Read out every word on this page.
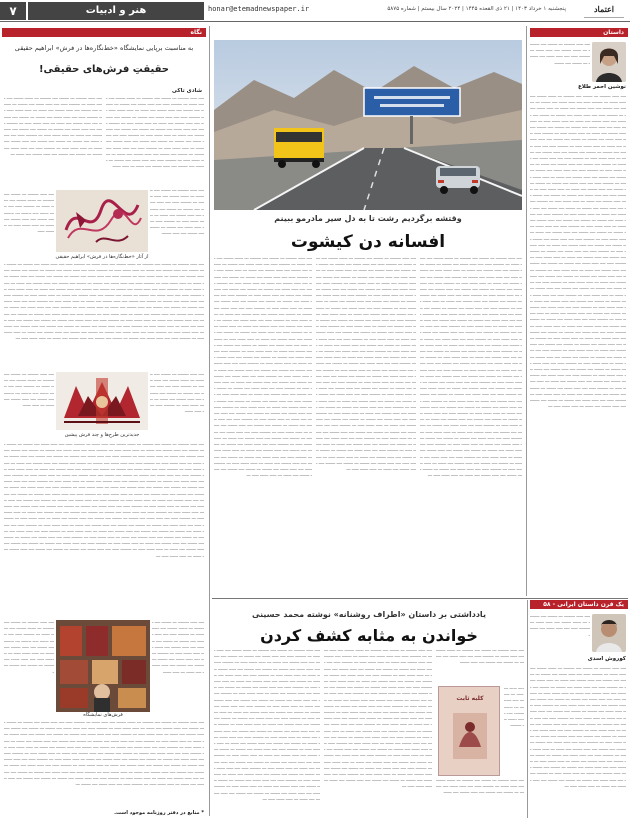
۷	هنر و ادبیات	honar@etemadnewspaper.ir	پنجشنبه ۱ خرداد ۱۴۰۳ | ۲۱ ذی القعده ۱۴۴۵ | ۲۰۲۴ سال بیستم | شماره ۵۸۷۵	اعتماد
نگاه
به مناسبت برپایی نمایشگاه «خط‌نگاره‌ها در فرش» ابراهیم حقیقی
حقیقتِ فرش‌های حقیقی!
شادی تاکی
ــــ ـــــ ــــــــ ـــ ـــــــ ــــ ــــــــ ـــ ــــــ ـــــــ ــــ ـــــ ــــــ ـــ ــــــــ ـــــ ــــ ـــــ ــــــ ــــ ـــــــ ـــ ـــــــ ــــ ـــــــ ــــ ـــــ ـــــــ ــــ ــــــ ـــ ـــــ ــــــ ـــــ ـــ ــــــــ ـــــ ــــ ـــــ ــــــ ــــ ـــــــ ـــ ـــــــ ــــ ـــــــ ــــ ـــــ ـــــــ ــــ ــــــ ـــ ـــــ ــــــ ـــــ ـــ ــــــــ ـــــ ــــ ـــــ ــــــ ــــ ـــــــ ـــ ـــــــ ــــ ـــــــ ــــ ـــــ ـــــــ ــــ ــــــ ـــ ـــــ ــــــ ـــــ ـــ ــــــــ ـــــ ــــ ـــــ ــــــ ــــ ـــــــ ـــ ـــــــ ــــ ـــــــ ــــ ـــــ ـــــــ ــــ ــــــ ـــ ـــــ ــــــ ـــــ ـــ ــــــــ ـــــ ــــ ـــــ ــــــ ــــ ـــــــ ـــ ـــــــ ــــ ـــــــ ــــ ـــــ ـــــــ ــــ ــــــ ـــ ـــــ ــــــ ـــــ ـــ ــــــــ ـــــ ــــ ـــــ ــــــ ــــ ـــــــ ـــ ـــــــ ــــ ـــــــ ــــ ـــــ ـــــــ ــــ ــــــ ـــ ـــــ ــــــ
ــــ ـــــ ــــــــ ـــ ـــــــ ــــ ــــــــ ـــ ــــــ ـــــــ ــــ ـــــ ــــــ ـــ ــــــــ ـــــ ــــ ـــــ ــــــ ــــ ـــــــ ـــ ـــــــ ــــ ـــــــ ــــ ـــــ ـــــــ ــــ ــــــ ـــ ـــــ ــــــ ـــــ ـــ ــــــــ ـــــ ــــ ـــــ ــــــ ــــ ـــــــ ـــ ـــــــ ــــ ـــــــ ــــ ـــــ ـــــــ ــــ ــــــ ـــ ـــــ ــــــ ـــــ ـــ ــــــــ ـــــ ــــ ـــــ ــــــ ــــ ـــــــ ـــ ـــــــ ــــ ـــــــ ــــ ـــــ ـــــــ ــــ ــــــ ـــ ـــــ ــــــ ـــــ ـــ ــــــــ ـــــ ــــ ـــــ ــــــ ــــ ـــــــ ـــ ـــــــ ــــ ـــــــ ــــ ـــــ ـــــــ ــــ ــــــ ـــ ـــــ ــــــ ـــــ ـــ ــــــــ ـــــ ــــ ـــــ ــــــ ــــ ـــــــ ـــ ـــــــ ــــ ـــــــ ــــ ـــــ ـــــــ ــــ ــــــ ـــ
از آثار «خط‌نگاره‌ها در فرش» ابراهیم حقیقی
ــــ ـــــ ــــــــ ـــ ـــــــ ــــ ــــــــ ـــ ــــــ ـــــــ ــــ ـــــ ــــــ ـــ ــــــــ ـــــ ــــ ـــــ ــــــ ــــ ـــــــ ـــ ـــــــ ــــ ـــــــ ــــ ـــــ ـــــــ ــــ ــــــ ـــ ـــــ ــــــ ـــــ ـــ ــــــــ ـــــ ــــ ـــــ ــــــ ــــ ـــــــ ـــ ـــــــ ــــ ـــــــ ــــ ـــــ ـــــــ
ــــ ـــــ ــــــــ ـــ ـــــــ ــــ ــــــــ ـــ ــــــ ـــــــ ــــ ـــــ ــــــ ـــ ــــــــ ـــــ ــــ ـــــ ــــــ ــــ ـــــــ ـــ ـــــــ ــــ ـــــــ ــــ ـــــ ـــــــ ــــ ــــــ ـــ ـــــ ــــــ ـــــ ـــ ــــــــ ـــــ
ــــ ـــــ ــــــــ ـــ ـــــــ ــــ ــــــــ ـــ ــــــ ـــــــ ــــ ـــــ ــــــ ـــ ــــــــ ـــــ ــــ ـــــ ــــــ ــــ ـــــــ ـــ ـــــــ ــــ ـــــــ ــــ ـــــ ـــــــ ــــ ــــــ ـــ ـــــ ــــــ ـــــ ـــ ــــــــ ـــــ ــــ ـــــ ــــــ ــــ ـــــــ ـــ ـــــــ ــــ ـــــــ ــــ ـــــ ـــــــ ــــ ــــــ ـــ ـــــ ــــــ ـــــ ـــ ــــــــ ـــــ ــــ ـــــ ــــــ ــــ ـــــــ ـــ ـــــــ ــــ ـــــــ ــــ ـــــ ـــــــ ــــ ــــــ ـــ ـــــ ــــــ ـــــ ـــ ــــــــ ـــــ ــــ ـــــ ــــــ ــــ ـــــــ ـــ ـــــــ ــــ ـــــــ ــــ ـــــ ـــــــ ــــ ــــــ ـــ ـــــ ــــــ ـــــ ـــ ــــــــ ـــــ ــــ ـــــ ــــــ ــــ ـــــــ ـــ ـــــــ ــــ ـــــــ ــــ ـــــ ـــــــ ــــ ــــــ ـــ ـــــ ــــــ ـــــ ـــ ــــــــ ـــــ ــــ ـــــ ــــــ ــــ ـــــــ ـــ ـــــــ ــــ ـــــــ ــــ ـــــ ـــــــ ــــ ــــــ ـــ ـــــ ــــــ ـــــ ـــ ــــــــ ـــــ ــــ ـــــ ــــــ ــــ ـــــــ ـــ ـــــــ ــــ ـــــــ ــــ ـــــ ـــــــ ــــ ــــــ ـــ ـــــ ــــــ ـــــ ـــ ــــــــ ـــــ ــــ ـــــ ــــــ ــــ ـــــــ ـــ ـــــــ ــــ ـــــــ ــــ ـــــ ـــــــ ــــ ــــــ ـــ ـــــ ــــــ ـــــ ـــ ــــــــ ـــــ ــــ ـــــ ــــــ ــــ ـــــــ ـــ ـــــــ ــــ ـــــــ ــــ ـــــ ـــــــ ــــ ــــــ ـــ ـــــ ــــــ ـــــ ـــ ــــــــ ـــــ ــــ ـــــ ــــــ ــــ ـــــــ ـــ ـــــــ ــــ ـــــــ ــــ ـــــ ـــــــ ــــ ــــــ ـــ ـــــ ــــــ ـــــ ـــ ــــــــ ـــــ ــــ ـــــ ــــــ ــــ ـــــــ ـــ ـــــــ ــــ ـــــــ ــــ ـــــ ـــــــ ــــ ــــــ ـــ ـــــ ــــــ ـــــ ـــ ــــــــ ـــــ ــــ ـــــ ــــــ ــــ ـــــــ ـــ ـــــــ ــــ ـــــــ ــــ ـــــ ـــــــ ــــ ــــــ ـــ ـــــ ــــــ ـــــ ـــ ــــــــ ـــــ ــــ ـــــ ــــــ ــــ ـــــــ ـــ ـــــــ ــــ ـــــــ ــــ ـــــ ـــــــ ــــ ــــــ ـــ ـــــ ــــــ ـــــ ـــ ــــــــ ـــــ ــــ ـــــ ــــــ ــــ ـــــــ ـــ ـــــــ ــــ ـــــــ ــــ ـــــ ـــــــ ــــ ــــــ ـــ ـــــ ــــــ ـــــ ـــ
جدیدترین طرح‌ها و چند فرش پیشین
ــــ ـــــ ــــــــ ـــ ـــــــ ــــ ــــــــ ـــ ــــــ ـــــــ ــــ ـــــ ــــــ ـــ ــــــــ ـــــ ــــ ـــــ ــــــ ــــ ـــــــ ـــ ـــــــ ــــ ـــــــ ــــ ـــــ ـــــــ ــــ ــــــ ـــ ـــــ ــــــ ـــــ ـــ ــــــــ ـــــ ــــ ـــــ ــــــ
ــــ ـــــ ــــــــ ـــ ـــــــ ــــ ــــــــ ـــ ــــــ ـــــــ ــــ ـــــ ــــــ ـــ ــــــــ ـــــ ــــ ـــــ ــــــ ــــ ـــــــ ـــ ـــــــ ــــ ـــــــ ــــ ـــــ ـــــــ ــــ ــــــ ـــ ـــــ ــــــ
ــــ ـــــ ــــــــ ـــ ـــــــ ــــ ــــــــ ـــ ــــــ ـــــــ ــــ ـــــ ــــــ ـــ ــــــــ ـــــ ــــ ـــــ ــــــ ــــ ـــــــ ـــ ـــــــ ــــ ـــــــ ــــ ـــــ ـــــــ ــــ ــــــ ـــ ـــــ ــــــ ـــــ ـــ ــــــــ ـــــ ــــ ـــــ ــــــ ــــ ـــــــ ـــ ـــــــ ــــ ـــــــ ــــ ـــــ ـــــــ ــــ ــــــ ـــ ـــــ ــــــ ـــــ ـــ ــــــــ ـــــ ــــ ـــــ ــــــ ــــ ـــــــ ـــ ـــــــ ــــ ـــــــ ــــ ـــــ ـــــــ ــــ ــــــ ـــ ـــــ ــــــ ـــــ ـــ ــــــــ ـــــ ــــ ـــــ ــــــ ــــ ـــــــ ـــ ـــــــ ــــ ـــــــ ــــ ـــــ ـــــــ ــــ ــــــ ـــ ـــــ ــــــ ـــــ ـــ ــــــــ ـــــ ــــ ـــــ ــــــ ــــ ـــــــ ـــ ـــــــ ــــ ـــــــ ــــ ـــــ ـــــــ ــــ ــــــ ـــ ـــــ ــــــ ـــــ ـــ ــــــــ ـــــ ــــ ـــــ ــــــ ــــ ـــــــ ـــ ـــــــ ــــ ـــــــ ــــ ـــــ ـــــــ ــــ ــــــ ـــ ـــــ ــــــ ـــــ ـــ ــــــــ ـــــ ــــ ـــــ ــــــ ــــ ـــــــ ـــ ـــــــ ــــ ـــــــ ــــ ـــــ ـــــــ ــــ ــــــ ـــ ـــــ ــــــ ـــــ ـــ ــــــــ ـــــ ــــ ـــــ ــــــ ــــ ـــــــ ـــ ـــــــ ــــ ـــــــ ــــ ـــــ ـــــــ ــــ ــــــ ـــ ـــــ ــــــ ـــــ ـــ ــــــــ ـــــ ــــ ـــــ ــــــ ــــ ـــــــ ـــ ـــــــ ــــ ـــــــ ــــ ـــــ ـــــــ ــــ ــــــ ـــ ـــــ ــــــ ـــــ ـــ ــــــــ ـــــ ــــ ـــــ ــــــ ــــ ـــــــ ـــ ـــــــ ــــ ـــــــ ــــ ـــــ ـــــــ ــــ ــــــ ـــ ـــــ ــــــ ـــــ ـــ ــــــــ ـــــ ــــ ـــــ ــــــ ــــ ـــــــ ـــ ـــــــ ــــ ـــــــ ــــ ـــــ ـــــــ ــــ ــــــ ـــ ـــــ ــــــ ـــــ ـــ ــــــــ ـــــ ــــ ـــــ ــــــ ــــ ـــــــ ـــ ـــــــ ــــ ـــــــ ــــ ـــــ ـــــــ ــــ ــــــ ـــ ـــــ ــــــ ـــــ ـــ ــــــــ ـــــ ــــ ـــــ ــــــ ــــ ـــــــ ـــ ـــــــ ــــ ـــــــ ــــ ـــــ ـــــــ ــــ ــــــ ـــ ـــــ ــــــ ـــــ ـــ ــــــــ ـــــ ــــ ـــــ ــــــ ــــ ـــــــ ـــ ـــــــ ــــ ـــــــ ــــ ـــــ ـــــــ ــــ ــــــ ـــ ـــــ ــــــ ـــــ ـــ ــــــــ ـــــ ــــ ـــــ ــــــ ــــ ـــــــ ـــ ـــــــ ــــ ـــــــ ــــ ـــــ ـــــــ ــــ ــــــ ـــ ـــــ ــــــ ـــــ ـــ ــــــــ ـــــ ــــ ـــــ ــــــ ــــ ـــــــ ـــ ـــــــ ــــ ـــــــ ــــ ـــــ ـــــــ ــــ ــــــ ـــ ـــــ ــــــ ـــــ ـــ ــــــــ ـــــ ــــ ـــــ ــــــ ــــ ـــــــ ـــ ـــــــ ــــ ـــــــ ــــ ـــــ ـــــــ ــــ ــــــ ـــ ـــــ ــــــ ـــــ ـــ ــــــــ ـــــ ــــ ـــــ ــــــ ــــ ـــــــ ـــ ـــــــ ــــ ـــــــ ــــ ـــــ ـــــــ ــــ ــــــ ـــ ـــــ ــــــ ـــــ ـــ ــــــــ ـــــ ــــ ـــــ ــــــ ــــ ـــــــ ـــ ـــــــ ــــ ـــــــ ــــ ـــــ ـــــــ ــــ ــــــ ـــ ـــــ ــــــ ـــــ ـــ ــــــــ ـــــ ــــ ـــــ ــــــ ــــ ـــــــ ـــ ـــــــ ــــ ـــــــ ــــ ـــــ ـــــــ ــــ ــــــ ـــ ـــــ ــــــ ـــــ ـــ
فرش‌های نمایشگاه
ــــ ـــــ ــــــــ ـــ ـــــــ ــــ ــــــــ ـــ ــــــ ـــــــ ــــ ـــــ ــــــ ـــ ــــــــ ـــــ ــــ ـــــ ــــــ ــــ ـــــــ ـــ ـــــــ ــــ ـــــــ ــــ ـــــ ـــــــ ــــ ــــــ ـــ ـــــ ــــــ ـــــ ـــ ــــــــ ـــــ ــــ ـــــ ــــــ ــــ ـــــــ ـــ ـــــــ ــــ ـــــــ ــــ ـــــ ـــــــ ــــ ــــــ ـــ ـــــ ــــــ
ــــ ـــــ ــــــــ ـــ ـــــــ ــــ ــــــــ ـــ ــــــ ـــــــ ــــ ـــــ ــــــ ـــ ــــــــ ـــــ ــــ ـــــ ــــــ ــــ ـــــــ ـــ ـــــــ ــــ ـــــــ ــــ ـــــ ـــــــ ــــ ــــــ ـــ ـــــ ــــــ ـــــ ـــ ــــــــ ـــــ ــــ ـــــ ــــــ ــــ ـــــــ ـــ ـــــــ ــــ ـــــــ ــــ
ــــ ـــــ ــــــــ ـــ ـــــــ ــــ ــــــــ ـــ ــــــ ـــــــ ــــ ـــــ ــــــ ـــ ــــــــ ـــــ ــــ ـــــ ــــــ ــــ ـــــــ ـــ ـــــــ ــــ ـــــــ ــــ ـــــ ـــــــ ــــ ــــــ ـــ ـــــ ــــــ ـــــ ـــ ــــــــ ـــــ ــــ ـــــ ــــــ ــــ ـــــــ ـــ ـــــــ ــــ ـــــــ ــــ ـــــ ـــــــ ــــ ــــــ ـــ ـــــ ــــــ ـــــ ـــ ــــــــ ـــــ ــــ ـــــ ــــــ ــــ ـــــــ ـــ ـــــــ ــــ ـــــــ ــــ ـــــ ـــــــ ــــ ــــــ ـــ ـــــ ــــــ ـــــ ـــ ــــــــ ـــــ ــــ ـــــ ــــــ ــــ ـــــــ ـــ ـــــــ ــــ ـــــــ ــــ ـــــ ـــــــ ــــ ــــــ ـــ ـــــ ــــــ ـــــ ـــ ــــــــ ـــــ ــــ ـــــ ــــــ ــــ ـــــــ ـــ ـــــــ ــــ ـــــــ ــــ ـــــ ـــــــ ــــ ــــــ ـــ ـــــ ــــــ ـــــ ـــ ــــــــ ـــــ ــــ ـــــ ــــــ ــــ ـــــــ ـــ ـــــــ ــــ ـــــــ ــــ ـــــ ـــــــ ــــ ــــــ ـــ ـــــ ــــــ ـــــ ـــ ــــــــ ـــــ ــــ ـــــ ــــــ ــــ ـــــــ ـــ ـــــــ ــــ ـــــــ ــــ ـــــ ـــــــ ــــ ــــــ ـــ ـــــ ــــــ ـــــ ـــ ــــــــ ـــــ ــــ ـــــ ــــــ ــــ ـــــــ ـــ ـــــــ ــــ ـــــــ ــــ ـــــ ـــــــ ــــ ــــــ ـــ ـــــ ــــــ ـــــ ـــ ــــــــ ـــــ ــــ ـــــ ــــــ ــــ ـــــــ ـــ ـــــــ ــــ ـــــــ ــــ ـــــ ـــــــ ــــ ــــــ ـــ ـــــ ــــــ ـــــ ـــ ــــــــ ـــــ ــــ ـــــ ــــــ ــــ ـــــــ ـــ ـــــــ ــــ ـــــــ ــــ ـــــ ـــــــ ــــ ــــــ ـــ ـــــ ــــــ ـــــ ـــ ــــــــ ـــــ ــــ ـــــ ــــــ ــــ ـــــــ ـــ ـــــــ ــــ ـــــــ ــــ ـــــ ـــــــ ــــ ــــــ ـــ ـــــ ــــــ ـــــ ـــ ــــــــ ـــــ ــــ ـــــ ــــــ ــــ ـــــــ ـــ
* منابع در دفتر روزنامه موجود است.
وقتشه برگردیم رشت تا به دل سیر مادرمو ببینم
افسانه دن کیشوت
ــــ ـــــ ــــــــ ـــ ـــــــ ــــ ــــــــ ـــ ــــــ ـــــــ ــــ ـــــ ــــــ ـــ ــــــــ ـــــ ــــ ـــــ ــــــ ــــ ـــــــ ـــ ـــــــ ــــ ـــــــ ــــ ـــــ ـــــــ ــــ ــــــ ـــ ـــــ ــــــ ـــــ ـــ ــــــــ ـــــ ــــ ـــــ ــــــ ــــ ـــــــ ـــ ـــــــ ــــ ـــــــ ــــ ـــــ ـــــــ ــــ ــــــ ـــ ـــــ ــــــ ـــــ ـــ ــــــــ ـــــ ــــ ـــــ ــــــ ــــ ـــــــ ـــ ـــــــ ــــ ـــــــ ــــ ـــــ ـــــــ ــــ ــــــ ـــ ـــــ ــــــ ـــــ ـــ ــــــــ ـــــ ــــ ـــــ ــــــ ــــ ـــــــ ـــ ـــــــ ــــ ـــــــ ــــ ـــــ ـــــــ ــــ ــــــ ـــ ـــــ ــــــ ـــــ ـــ ــــــــ ـــــ ــــ ـــــ ــــــ ــــ ـــــــ ـــ ـــــــ ــــ ـــــــ ــــ ـــــ ـــــــ ــــ ــــــ ـــ ـــــ ــــــ ـــــ ـــ ــــــــ ـــــ ــــ ـــــ ــــــ ــــ ـــــــ ـــ ـــــــ ــــ ـــــــ ــــ ـــــ ـــــــ ــــ ــــــ ـــ ـــــ ــــــ ـــــ ـــ ــــــــ ـــــ ــــ ـــــ ــــــ ــــ ـــــــ ـــ ـــــــ ــــ ـــــــ ــــ ـــــ ـــــــ ــــ ــــــ ـــ ـــــ ــــــ ـــــ ـــ ــــــــ ـــــ ــــ ـــــ ــــــ ــــ ـــــــ ـــ ـــــــ ــــ ـــــــ ــــ ـــــ ـــــــ ــــ ــــــ ـــ ـــــ ــــــ ـــــ ـــ ــــــــ ـــــ ــــ ـــــ ــــــ ــــ ـــــــ ـــ ـــــــ ــــ ـــــــ ــــ ـــــ ـــــــ ــــ ــــــ ـــ ـــــ ــــــ ـــــ ـــ ــــــــ ـــــ ــــ ـــــ ــــــ ــــ ـــــــ ـــ ـــــــ ــــ ـــــــ ــــ ـــــ ـــــــ ــــ ــــــ ـــ ـــــ ــــــ ـــــ ـــ ــــــــ ـــــ ــــ ـــــ ــــــ ــــ ـــــــ ـــ ـــــــ ــــ ـــــــ ــــ ـــــ ـــــــ ــــ ــــــ ـــ ـــــ ــــــ ـــــ ـــ ــــــــ ـــــ ــــ ـــــ ــــــ ــــ ـــــــ ـــ ـــــــ ــــ ـــــــ ــــ ـــــ ـــــــ ــــ ــــــ ـــ ـــــ ــــــ ـــــ ـــ ــــــــ ـــــ ــــ ـــــ ــــــ ــــ ـــــــ ـــ ـــــــ ــــ ـــــــ ــــ ـــــ ـــــــ ــــ ــــــ ـــ ـــــ ــــــ ـــــ ـــ ــــــــ ـــــ ــــ ـــــ ــــــ ــــ ـــــــ ـــ ـــــــ ــــ ـــــــ ــــ ـــــ ـــــــ ــــ ــــــ ـــ ـــــ ــــــ ـــــ ـــ ــــــــ ـــــ ــــ ـــــ ــــــ ــــ ـــــــ ـــ ـــــــ ــــ ـــــــ ــــ ـــــ ـــــــ ــــ ــــــ ـــ ـــــ ــــــ ـــــ ـــ ــــــــ ـــــ ــــ ـــــ ــــــ ــــ ـــــــ ـــ ـــــــ ــــ ـــــــ ــــ ـــــ ـــــــ ــــ ــــــ ـــ ـــــ ــــــ ـــــ ـــ ــــــــ ـــــ ــــ ـــــ ــــــ ــــ ـــــــ ـــ ـــــــ ــــ ـــــــ ــــ ـــــ ـــــــ ــــ ــــــ ـــ ـــــ ــــــ ـــــ ـــ ــــــــ ـــــ ــــ ـــــ ــــــ ــــ ـــــــ ـــ ـــــــ ــــ ـــــــ ــــ ـــــ ـــــــ ــــ ــــــ ـــ ـــــ ــــــ ـــــ ـــ ــــــــ ـــــ ــــ ـــــ ــــــ ــــ ـــــــ ـــ ـــــــ ــــ ـــــــ ــــ ـــــ ـــــــ ــــ ــــــ ـــ ـــــ ــــــ ـــــ ـــ ــــــــ ـــــ ــــ ـــــ ــــــ ــــ ـــــــ ـــ ـــــــ ــــ ـــــــ ــــ ـــــ ـــــــ ــــ ــــــ ـــ ـــــ ــــــ ـــــ ـــ
ــــ ـــــ ــــــــ ـــ ـــــــ ــــ ــــــــ ـــ ــــــ ـــــــ ــــ ـــــ ــــــ ـــ ــــــــ ـــــ ــــ ـــــ ــــــ ــــ ـــــــ ـــ ـــــــ ــــ ـــــــ ــــ ـــــ ـــــــ ــــ ــــــ ـــ ـــــ ــــــ ـــــ ـــ ــــــــ ـــــ ــــ ـــــ ــــــ ــــ ـــــــ ـــ ـــــــ ــــ ـــــــ ــــ ـــــ ـــــــ ــــ ــــــ ـــ ـــــ ــــــ ـــــ ـــ ــــــــ ـــــ ــــ ـــــ ــــــ ــــ ـــــــ ـــ ـــــــ ــــ ـــــــ ــــ ـــــ ـــــــ ــــ ــــــ ـــ ـــــ ــــــ ـــــ ـــ ــــــــ ـــــ ــــ ـــــ ــــــ ــــ ـــــــ ـــ ـــــــ ــــ ـــــــ ــــ ـــــ ـــــــ ــــ ــــــ ـــ ـــــ ــــــ ـــــ ـــ ــــــــ ـــــ ــــ ـــــ ــــــ ــــ ـــــــ ـــ ـــــــ ــــ ـــــــ ــــ ـــــ ـــــــ ــــ ــــــ ـــ ـــــ ــــــ ـــــ ـــ ــــــــ ـــــ ــــ ـــــ ــــــ ــــ ـــــــ ـــ ـــــــ ــــ ـــــــ ــــ ـــــ ـــــــ ــــ ــــــ ـــ ـــــ ــــــ ـــــ ـــ ــــــــ ـــــ ــــ ـــــ ــــــ ــــ ـــــــ ـــ ـــــــ ــــ ـــــــ ــــ ـــــ ـــــــ ــــ ــــــ ـــ ـــــ ــــــ ـــــ ـــ ــــــــ ـــــ ــــ ـــــ ــــــ ــــ ـــــــ ـــ ـــــــ ــــ ـــــــ ــــ ـــــ ـــــــ ــــ ــــــ ـــ ـــــ ــــــ ـــــ ـــ ــــــــ ـــــ ــــ ـــــ ــــــ ــــ ـــــــ ـــ ـــــــ ــــ ـــــــ ــــ ـــــ ـــــــ ــــ ــــــ ـــ ـــــ ــــــ ـــــ ـــ ــــــــ ـــــ ــــ ـــــ ــــــ ــــ ـــــــ ـــ ـــــــ ــــ ـــــــ ــــ ـــــ ـــــــ ــــ ــــــ ـــ ـــــ ــــــ ـــــ ـــ ــــــــ ـــــ ــــ ـــــ ــــــ ــــ ـــــــ ـــ ـــــــ ــــ ـــــــ ــــ ـــــ ـــــــ ــــ ــــــ ـــ ـــــ ــــــ ـــــ ـــ ــــــــ ـــــ ــــ ـــــ ــــــ ــــ ـــــــ ـــ ـــــــ ــــ ـــــــ ــــ ـــــ ـــــــ ــــ ــــــ ـــ ـــــ ــــــ ـــــ ـــ ــــــــ ـــــ ــــ ـــــ ــــــ ــــ ـــــــ ـــ ـــــــ ــــ ـــــــ ــــ ـــــ ـــــــ ــــ ــــــ ـــ ـــــ ــــــ ـــــ ـــ ــــــــ ـــــ ــــ ـــــ ــــــ ــــ ـــــــ ـــ ـــــــ ــــ ـــــــ ــــ ـــــ ـــــــ ــــ ــــــ ـــ ـــــ ــــــ ـــــ ـــ ــــــــ ـــــ ــــ ـــــ ــــــ ــــ ـــــــ ـــ ـــــــ ــــ ـــــــ ــــ ـــــ ـــــــ ــــ ــــــ ـــ ـــــ ــــــ ـــــ ـــ ــــــــ ـــــ ــــ ـــــ ــــــ ــــ ـــــــ ـــ ـــــــ ــــ ـــــــ ــــ ـــــ ـــــــ ــــ ــــــ ـــ ـــــ ــــــ ـــــ ـــ ــــــــ ـــــ ــــ ـــــ ــــــ ــــ ـــــــ ـــ ـــــــ ــــ ـــــــ ــــ ـــــ ـــــــ ــــ ــــــ ـــ ـــــ ــــــ ـــــ ـــ ــــــــ ـــــ ــــ ـــــ ــــــ ــــ ـــــــ ـــ ـــــــ ــــ ـــــــ ــــ ـــــ ـــــــ ــــ ــــــ ـــ ـــــ ــــــ ـــــ ـــ ــــــــ ـــــ ــــ ـــــ ــــــ ــــ ـــــــ ـــ ـــــــ ــــ ـــــــ ــــ ـــــ ـــــــ ــــ ــــــ ـــ ـــــ ــــــ ـــــ ـــ
ــــ ـــــ ــــــــ ـــ ـــــــ ــــ ــــــــ ـــ ــــــ ـــــــ ــــ ـــــ ــــــ ـــ ــــــــ ـــــ ــــ ـــــ ــــــ ــــ ـــــــ ـــ ـــــــ ــــ ـــــــ ــــ ـــــ ـــــــ ــــ ــــــ ـــ ـــــ ــــــ ـــــ ـــ ــــــــ ـــــ ــــ ـــــ ــــــ ــــ ـــــــ ـــ ـــــــ ــــ ـــــــ ــــ ـــــ ـــــــ ــــ ــــــ ـــ ـــــ ــــــ ـــــ ـــ ــــــــ ـــــ ــــ ـــــ ــــــ ــــ ـــــــ ـــ ـــــــ ــــ ـــــــ ــــ ـــــ ـــــــ ــــ ــــــ ـــ ـــــ ــــــ ـــــ ـــ ــــــــ ـــــ ــــ ـــــ ــــــ ــــ ـــــــ ـــ ـــــــ ــــ ـــــــ ــــ ـــــ ـــــــ ــــ ــــــ ـــ ـــــ ــــــ ـــــ ـــ ــــــــ ـــــ ــــ ـــــ ــــــ ــــ ـــــــ ـــ ـــــــ ــــ ـــــــ ــــ ـــــ ـــــــ ــــ ــــــ ـــ ـــــ ــــــ ـــــ ـــ ــــــــ ـــــ ــــ ـــــ ــــــ ــــ ـــــــ ـــ ـــــــ ــــ ـــــــ ــــ ـــــ ـــــــ ــــ ــــــ ـــ ـــــ ــــــ ـــــ ـــ ــــــــ ـــــ ــــ ـــــ ــــــ ــــ ـــــــ ـــ ـــــــ ــــ ـــــــ ــــ ـــــ ـــــــ ــــ ــــــ ـــ ـــــ ــــــ ـــــ ـــ ــــــــ ـــــ ــــ ـــــ ــــــ ــــ ـــــــ ـــ ـــــــ ــــ ـــــــ ــــ ـــــ ـــــــ ــــ ــــــ ـــ ـــــ ــــــ ـــــ ـــ ــــــــ ـــــ ــــ ـــــ ــــــ ــــ ـــــــ ـــ ـــــــ ــــ ـــــــ ــــ ـــــ ـــــــ ــــ ــــــ ـــ ـــــ ــــــ ـــــ ـــ ــــــــ ـــــ ــــ ـــــ ــــــ ــــ ـــــــ ـــ ـــــــ ــــ ـــــــ ــــ ـــــ ـــــــ ــــ ــــــ ـــ ـــــ ــــــ ـــــ ـــ ــــــــ ـــــ ــــ ـــــ ــــــ ــــ ـــــــ ـــ ـــــــ ــــ ـــــــ ــــ ـــــ ـــــــ ــــ ــــــ ـــ ـــــ ــــــ ـــــ ـــ ــــــــ ـــــ ــــ ـــــ ــــــ ــــ ـــــــ ـــ ـــــــ ــــ ـــــــ ــــ ـــــ ـــــــ ــــ ــــــ ـــ ـــــ ــــــ ـــــ ـــ ــــــــ ـــــ ــــ ـــــ ــــــ ــــ ـــــــ ـــ ـــــــ ــــ ـــــــ ــــ ـــــ ـــــــ ــــ ــــــ ـــ ـــــ ــــــ ـــــ ـــ ــــــــ ـــــ ــــ ـــــ ــــــ ــــ ـــــــ ـــ ـــــــ ــــ ـــــــ ــــ ـــــ ـــــــ ــــ ــــــ ـــ ـــــ ــــــ ـــــ ـــ ــــــــ ـــــ ــــ ـــــ ــــــ ــــ ـــــــ ـــ ـــــــ ــــ ـــــــ ــــ ـــــ ـــــــ ــــ ــــــ ـــ ـــــ ــــــ ـــــ ـــ ــــــــ ـــــ ــــ ـــــ ــــــ ــــ ـــــــ ـــ ـــــــ ــــ ـــــــ ــــ ـــــ ـــــــ ــــ ــــــ ـــ ـــــ ــــــ ـــــ ـــ ــــــــ ـــــ ــــ ـــــ ــــــ ــــ ـــــــ ـــ ـــــــ ــــ ـــــــ ــــ ـــــ ـــــــ ــــ ــــــ ـــ ـــــ ــــــ ـــــ ـــ ــــــــ ـــــ ــــ ـــــ ــــــ ــــ ـــــــ ـــ ـــــــ ــــ ـــــــ ــــ ـــــ ـــــــ ــــ ــــــ ـــ ـــــ ــــــ ـــــ ـــ ــــــــ ـــــ ــــ ـــــ ــــــ ــــ ـــــــ ـــ ـــــــ ــــ ـــــــ ــــ ـــــ ـــــــ ــــ ــــــ ـــ ـــــ ــــــ ـــــ ـــ
داستان
نوشین احمر طلاع
ــــ ـــــ ــــــــ ـــ ـــــــ ــــ ــــــــ ـــ ــــــ ـــــــ ــــ ـــــ ــــــ ـــ ــــــــ ـــــ ــــ ـــــ ــــــ ــــ ـــــــ ـــ ـــــــ ــــ ـــــــ
ــــ ـــــ ــــــــ ـــ ـــــــ ــــ ــــــــ ـــ ــــــ ـــــــ ــــ ـــــ ــــــ ـــ ــــــــ ـــــ ــــ ـــــ ــــــ ــــ ـــــــ ـــ ـــــــ ــــ ـــــــ ــــ ـــــ ـــــــ ــــ ــــــ ـــ ـــــ ــــــ ـــــ ـــ ــــــــ ـــــ ــــ ـــــ ــــــ ــــ ـــــــ ـــ ـــــــ ــــ ـــــــ ــــ ـــــ ـــــــ ــــ ــــــ ـــ ـــــ ــــــ ـــــ ـــ ــــــــ ـــــ ــــ ـــــ ــــــ ــــ ـــــــ ـــ ـــــــ ــــ ـــــــ ــــ ـــــ ـــــــ ــــ ــــــ ـــ ـــــ ــــــ ـــــ ـــ ــــــــ ـــــ ــــ ـــــ ــــــ ــــ ـــــــ ـــ ـــــــ ــــ ـــــــ ــــ ـــــ ـــــــ ــــ ــــــ ـــ ـــــ ــــــ ـــــ ـــ ــــــــ ـــــ ــــ ـــــ ــــــ ــــ ـــــــ ـــ ـــــــ ــــ ـــــــ ــــ ـــــ ـــــــ ــــ ــــــ ـــ ـــــ ــــــ ـــــ ـــ ــــــــ ـــــ ــــ ـــــ ــــــ ــــ ـــــــ ـــ ـــــــ ــــ ـــــــ ــــ ـــــ ـــــــ ــــ ــــــ ـــ ـــــ ــــــ ـــــ ـــ ــــــــ ـــــ ــــ ـــــ ــــــ ــــ ـــــــ ـــ ـــــــ ــــ ـــــــ ــــ ـــــ ـــــــ ــــ ــــــ ـــ ـــــ ــــــ ـــــ ـــ ــــــــ ـــــ ــــ ـــــ ــــــ ــــ ـــــــ ـــ ـــــــ ــــ ـــــــ ــــ ـــــ ـــــــ ــــ ــــــ ـــ ـــــ ــــــ ـــــ ـــ ــــــــ ـــــ ــــ ـــــ ــــــ ــــ ـــــــ ـــ ـــــــ ــــ ـــــــ ــــ ـــــ ـــــــ ــــ ــــــ ـــ ـــــ ــــــ ـــــ ـــ ــــــــ ـــــ ــــ ـــــ ــــــ ــــ ـــــــ ـــ ـــــــ ــــ ـــــــ ــــ ـــــ ـــــــ ــــ ــــــ ـــ ـــــ ــــــ ـــــ ـــ ــــــــ ـــــ ــــ ـــــ ــــــ ــــ ـــــــ ـــ ـــــــ ــــ ـــــــ ــــ ـــــ ـــــــ ــــ ــــــ ـــ ـــــ ــــــ ـــــ ـــ ــــــــ ـــــ ــــ ـــــ ــــــ ــــ ـــــــ ـــ ـــــــ ــــ ـــــــ ــــ ـــــ ـــــــ ــــ ــــــ ـــ ـــــ ــــــ ـــــ ـــ ــــــــ ـــــ ــــ ـــــ ــــــ ــــ ـــــــ ـــ ـــــــ ــــ ـــــــ ــــ ـــــ ـــــــ ــــ ــــــ ـــ ـــــ ــــــ ـــــ ـــ ــــــــ ـــــ ــــ ـــــ ــــــ ــــ ـــــــ ـــ ـــــــ ــــ ـــــــ ــــ ـــــ ـــــــ ــــ ــــــ ـــ ـــــ ــــــ ـــــ ـــ ــــــــ ـــــ ــــ ـــــ ــــــ ــــ ـــــــ ـــ ـــــــ ــــ ـــــــ ــــ ـــــ ـــــــ ــــ ــــــ ـــ ـــــ ــــــ ـــــ ـــ ــــــــ ـــــ ــــ ـــــ ــــــ ــــ ـــــــ ـــ ـــــــ ــــ ـــــــ ــــ ـــــ ـــــــ ــــ ــــــ ـــ ـــــ ــــــ ـــــ ـــ ــــــــ ـــــ ــــ ـــــ ــــــ ــــ ـــــــ ـــ ـــــــ ــــ ـــــــ ــــ ـــــ ـــــــ ــــ ــــــ ـــ ـــــ ــــــ ـــــ ـــ ــــــــ ـــــ ــــ ـــــ ــــــ ــــ ـــــــ ـــ ـــــــ ــــ ـــــــ ــــ ـــــ ـــــــ ــــ ــــــ ـــ ـــــ ــــــ ـــــ ـــ ــــــــ ـــــ ــــ ـــــ ــــــ ــــ ـــــــ ـــ ـــــــ ــــ ـــــــ ــــ ـــــ ـــــــ ــــ ــــــ ـــ ـــــ ــــــ ـــــ ـــ ــــــــ ـــــ ــــ ـــــ ــــــ ــــ ـــــــ ـــ ـــــــ ــــ ـــــــ ــــ ـــــ ـــــــ ــــ ــــــ ـــ ـــــ ــــــ ـــــ ـــ ــــــــ ـــــ ــــ ـــــ ــــــ ــــ ـــــــ ـــ ـــــــ ــــ ـــــــ ــــ ـــــ ـــــــ ــــ ــــــ ـــ ـــــ ــــــ ـــــ ـــ ــــــــ ـــــ ــــ ـــــ ــــــ ــــ ـــــــ ـــ ـــــــ ــــ ـــــــ ــــ ـــــ ـــــــ ــــ ــــــ ـــ ـــــ ــــــ ـــــ ـــ ــــــــ ـــــ ــــ ـــــ ــــــ ــــ ـــــــ ـــ ـــــــ ــــ ـــــــ ــــ ـــــ ـــــــ ــــ ــــــ ـــ ـــــ ــــــ ـــــ ـــ ــــــــ ـــــ ــــ ـــــ ــــــ ــــ ـــــــ ـــ ـــــــ ــــ ـــــــ ــــ ـــــ ـــــــ ــــ ــــــ ـــ ـــــ ــــــ ـــــ ـــ ــــــــ ـــــ ــــ ـــــ ــــــ ــــ ـــــــ ـــ ـــــــ ــــ ـــــــ ــــ ـــــ ـــــــ ــــ ــــــ ـــ ـــــ ــــــ ـــــ ـــ ــــــــ ـــــ ــــ ـــــ ــــــ ــــ ـــــــ ـــ ـــــــ ــــ ـــــــ ــــ ـــــ ـــــــ ــــ ــــــ ـــ ـــــ ــــــ ـــــ ـــ ــــــــ ـــــ ــــ ـــــ ــــــ ــــ ـــــــ ـــ ـــــــ ــــ ـــــــ ــــ ـــــ ـــــــ ــــ ــــــ ـــ ـــــ ــــــ ـــــ ـــ
یک قرن داستان ایرانی - ۵۸
یادداشتی بر داستان «اطراف روشنانه» نوشته محمد حسینی
خواندن به مثابه کشف کردن
کوروش اسدی
ــــ ـــــ ــــــــ ـــ ـــــــ ــــ ــــــــ ـــ ــــــ ـــــــ ــــ ـــــ ــــــ ـــ ــــــــ ـــــ ــــ ـــــ ــــــ ــــ ـــــــ
ــــ ـــــ ــــــــ ـــ ـــــــ ــــ ــــــــ ـــ ــــــ ـــــــ ــــ ـــــ ــــــ ـــ ــــــــ ـــــ ــــ ـــــ ــــــ ــــ ـــــــ ـــ ـــــــ ــــ ـــــــ ــــ ـــــ ـــــــ ــــ ــــــ ـــ ـــــ ــــــ ـــــ ـــ ــــــــ ـــــ ــــ ـــــ ــــــ ــــ ـــــــ ـــ ـــــــ ــــ ـــــــ ــــ ـــــ ـــــــ ــــ ــــــ ـــ ـــــ ــــــ ـــــ ـــ ــــــــ ـــــ ــــ ـــــ ــــــ ــــ ـــــــ ـــ ـــــــ ــــ ـــــــ ــــ ـــــ ـــــــ ــــ ــــــ ـــ ـــــ ــــــ ـــــ ـــ ــــــــ ـــــ ــــ ـــــ ــــــ ــــ ـــــــ ـــ ـــــــ ــــ ـــــــ ــــ ـــــ ـــــــ ــــ ــــــ ـــ ـــــ ــــــ ـــــ ـــ ــــــــ ـــــ ــــ ـــــ ــــــ ــــ ـــــــ ـــ ـــــــ ــــ ـــــــ ــــ ـــــ ـــــــ ــــ ــــــ ـــ ـــــ ــــــ ـــــ ـــ ــــــــ ـــــ ــــ ـــــ ــــــ ــــ ـــــــ ـــ ـــــــ ــــ ـــــــ ــــ ـــــ ـــــــ ــــ ــــــ ـــ ـــــ ــــــ ـــــ ـــ ــــــــ ـــــ ــــ ـــــ ــــــ ــــ ـــــــ ـــ ـــــــ ــــ ـــــــ ــــ ـــــ ـــــــ ــــ ــــــ ـــ ـــــ ــــــ ـــــ ـــ ــــــــ ـــــ ــــ ـــــ ــــــ ــــ ـــــــ ـــ ـــــــ ــــ ـــــــ ــــ ـــــ ـــــــ ــــ ــــــ ـــ ـــــ ــــــ ـــــ ـــ ــــــــ ـــــ ــــ ـــــ ــــــ ــــ ـــــــ ـــ ـــــــ ــــ ـــــــ ــــ ـــــ ـــــــ ــــ ــــــ ـــ ـــــ ــــــ ـــــ ـــ ــــــــ ـــــ ــــ ـــــ ــــــ ــــ ـــــــ ـــ ـــــــ ــــ ـــــــ ــــ ـــــ ـــــــ ــــ ــــــ ـــ ـــــ ــــــ ـــــ ـــ
ــــ ـــــ ــــــــ ـــ ـــــــ ــــ ــــــــ ـــ ــــــ ـــــــ ــــ ـــــ ــــــ ـــ ــــــــ ـــــ ــــ ـــــ ــــــ ــــ ـــــــ ـــ ـــــــ ــــ ـــــــ ــــ ـــــ ـــــــ
کلبه ثابت
ــــ ـــــ ــــــــ ـــ ـــــــ ــــ ــــــــ ـــ ــــــ ـــــــ ــــ ـــــ ــــــ ـــ ــــــــ
ــــ ـــــ ــــــــ ـــ ـــــــ ــــ ــــــــ ـــ ــــــ ـــــــ ــــ ـــــ ــــــ ـــ ــــــــ ـــــ ــــ ـــــ ــــــ ــــ ـــــــ ـــ ـــــــ ــــ ـــــــ ــــ ـــــ ـــــــ ــــ ــــــ
ــــ ـــــ ــــــــ ـــ ـــــــ ــــ ــــــــ ـــ ــــــ ـــــــ ــــ ـــــ ــــــ ـــ ــــــــ ـــــ ــــ ـــــ ــــــ ــــ ـــــــ ـــ ـــــــ ــــ ـــــــ ــــ ـــــ ـــــــ ــــ ــــــ ـــ ـــــ ــــــ ـــــ ـــ ــــــــ ـــــ ــــ ـــــ ــــــ ــــ ـــــــ ـــ ـــــــ ــــ ـــــــ ــــ ـــــ ـــــــ ــــ ــــــ ـــ ـــــ ــــــ ـــــ ـــ ــــــــ ـــــ ــــ ـــــ ــــــ ــــ ـــــــ ـــ ـــــــ ــــ ـــــــ ــــ ـــــ ـــــــ ــــ ــــــ ـــ ـــــ ــــــ ـــــ ـــ ــــــــ ـــــ ــــ ـــــ ــــــ ــــ ـــــــ ـــ ـــــــ ــــ ـــــــ ــــ ـــــ ـــــــ ــــ ــــــ ـــ ـــــ ــــــ ـــــ ـــ ــــــــ ـــــ ــــ ـــــ ــــــ ــــ ـــــــ ـــ ـــــــ ــــ ـــــــ ــــ ـــــ ـــــــ ــــ ــــــ ـــ ـــــ ــــــ ـــــ ـــ ــــــــ ـــــ ــــ ـــــ ــــــ ــــ ـــــــ ـــ ـــــــ ــــ ـــــــ ــــ ـــــ ـــــــ ــــ ــــــ ـــ ـــــ ــــــ ـــــ ـــ ــــــــ ـــــ ــــ ـــــ ــــــ ــــ ـــــــ ـــ ـــــــ ــــ ـــــــ ــــ ـــــ ـــــــ ــــ ــــــ ـــ ـــــ ــــــ ـــــ ـــ ــــــــ ـــــ ــــ ـــــ ــــــ ــــ ـــــــ ـــ ـــــــ ــــ ـــــــ ــــ ـــــ ـــــــ ــــ ــــــ ـــ ـــــ ــــــ ـــــ ـــ ــــــــ ـــــ ــــ ـــــ ــــــ ــــ ـــــــ ـــ ـــــــ ــــ ـــــــ ــــ ـــــ ـــــــ ــــ ــــــ ـــ ـــــ ــــــ ـــــ ـــ ــــــــ ـــــ ــــ ـــــ ــــــ ــــ ـــــــ ـــ ـــــــ ــــ ـــــــ ــــ ـــــ ـــــــ ــــ ــــــ ـــ ـــــ ــــــ ـــــ ـــ ــــــــ ـــــ ــــ ـــــ ــــــ ــــ ـــــــ ـــ ـــــــ ــــ ـــــــ ــــ ـــــ ـــــــ ــــ ــــــ ـــ ـــــ ــــــ ـــــ ـــ ــــــــ ـــــ ــــ ـــــ ــــــ ــــ ـــــــ ـــ ـــــــ ــــ ـــــــ ــــ ـــــ ـــــــ ــــ ــــــ ـــ ـــــ ــــــ ـــــ ـــ ــــــــ ـــــ ــــ ـــــ ــــــ ــــ ـــــــ ـــ ـــــــ ــــ ـــــــ ــــ ـــــ ـــــــ ــــ ــــــ ـــ ـــــ ــــــ ـــــ ـــ
ــــ ـــــ ــــــــ ـــ ـــــــ ــــ ــــــــ ـــ ــــــ ـــــــ ــــ ـــــ ــــــ ـــ ــــــــ ـــــ ــــ ـــــ ــــــ ــــ ـــــــ ـــ ـــــــ ــــ ـــــــ ــــ ـــــ ـــــــ ــــ ــــــ ـــ ـــــ ــــــ ـــــ ـــ ــــــــ ـــــ ــــ ـــــ ــــــ ــــ ـــــــ ـــ ـــــــ ــــ ـــــــ ــــ ـــــ ـــــــ ــــ ــــــ ـــ ـــــ ــــــ ـــــ ـــ ــــــــ ـــــ ــــ ـــــ ــــــ ــــ ـــــــ ـــ ـــــــ ــــ ـــــــ ــــ ـــــ ـــــــ ــــ ــــــ ـــ ـــــ ــــــ ـــــ ـــ ــــــــ ـــــ ــــ ـــــ ــــــ ــــ ـــــــ ـــ ـــــــ ــــ ـــــــ ــــ ـــــ ـــــــ ــــ ــــــ ـــ ـــــ ــــــ ـــــ ـــ ــــــــ ـــــ ــــ ـــــ ــــــ ــــ ـــــــ ـــ ـــــــ ــــ ـــــــ ــــ ـــــ ـــــــ ــــ ــــــ ـــ ـــــ ــــــ ـــــ ـــ ــــــــ ـــــ ــــ ـــــ ــــــ ــــ ـــــــ ـــ ـــــــ ــــ ـــــــ ــــ ـــــ ـــــــ ــــ ــــــ ـــ ـــــ ــــــ ـــــ ـــ ــــــــ ـــــ ــــ ـــــ ــــــ ــــ ـــــــ ـــ ـــــــ ــــ ـــــــ ــــ ـــــ ـــــــ ــــ ــــــ ـــ ـــــ ــــــ ـــــ ـــ ــــــــ ـــــ ــــ ـــــ ــــــ ــــ ـــــــ ـــ ـــــــ ــــ ـــــــ ــــ ـــــ ـــــــ ــــ ــــــ ـــ ـــــ ــــــ ـــــ ـــ ــــــــ ـــــ ــــ ـــــ ــــــ ــــ ـــــــ ـــ ـــــــ ــــ ـــــــ ــــ ـــــ ـــــــ ــــ ــــــ ـــ ـــــ ــــــ ـــــ ـــ ــــــــ ـــــ ــــ ـــــ ــــــ ــــ ـــــــ ـــ ـــــــ ــــ ـــــــ ــــ ـــــ ـــــــ ــــ ــــــ ـــ ـــــ ــــــ ـــــ ـــ ــــــــ ـــــ ــــ ـــــ ــــــ ــــ ـــــــ ـــ ـــــــ ــــ ـــــــ ــــ ـــــ ـــــــ ــــ ــــــ ـــ ـــــ ــــــ ـــــ ـــ ــــــــ ـــــ ــــ ـــــ ــــــ ــــ ـــــــ ـــ ـــــــ ــــ ـــــــ ــــ ـــــ ـــــــ ــــ ــــــ ـــ ـــــ ــــــ ـــــ ـــ ــــــــ ـــــ ــــ ـــــ ــــــ ــــ ـــــــ ـــ ـــــــ ــــ ـــــــ ــــ ـــــ ـــــــ ــــ ــــــ ـــ ـــــ ــــــ ـــــ ـــ ــــــــ ـــــ ــــ ـــــ ــــــ ــــ ـــــــ ـــ ـــــــ ــــ ـــــــ ــــ ـــــ ـــــــ ــــ ــــــ ـــ ـــــ ــــــ ـــــ ـــ
